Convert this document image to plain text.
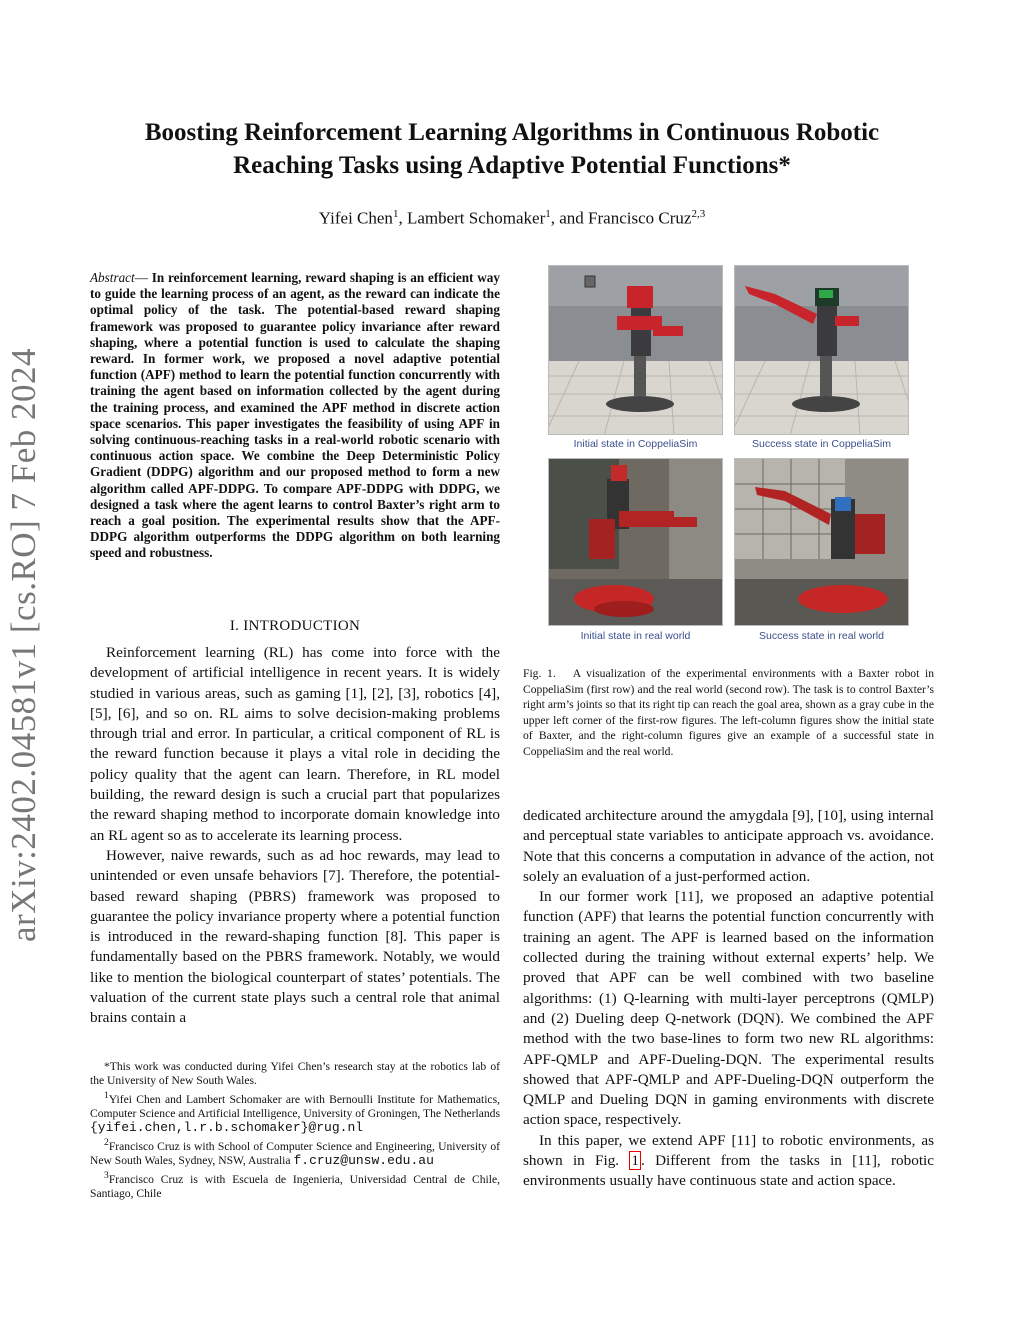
arXiv:2402.04581v1 [cs.RO] 7 Feb 2024
Boosting Reinforcement Learning Algorithms in Continuous Robotic
Reaching Tasks using Adaptive Potential Functions*
Yifei Chen$^1$, Lambert Schomaker$^1$, and Francisco Cruz$^{2,3}$
Abstract— In reinforcement learning, reward shaping is an efficient way to guide the learning process of an agent, as the reward can indicate the optimal policy of the task. The potential-based reward shaping framework was proposed to guarantee policy invariance after reward shaping, where a potential function is used to calculate the shaping reward. In former work, we proposed a novel adaptive potential function (APF) method to learn the potential function concurrently with training the agent based on information collected by the agent during the training process, and examined the APF method in discrete action space scenarios. This paper investigates the feasibility of using APF in solving continuous-reaching tasks in a real-world robotic scenario with continuous action space. We combine the Deep Deterministic Policy Gradient (DDPG) algorithm and our proposed method to form a new algorithm called APF-DDPG. To compare APF-DDPG with DDPG, we designed a task where the agent learns to control Baxter’s right arm to reach a goal position. The experimental results show that the APF-DDPG algorithm outperforms the DDPG algorithm on both learning speed and robustness.
I. INTRODUCTION

Reinforcement learning (RL) has come into force with the development of artificial intelligence in recent years. It is widely studied in various areas, such as gaming [1], [2], [3], robotics [4], [5], [6], and so on. RL aims to solve decision-making problems through trial and error. In particular, a critical component of RL is the reward function because it plays a vital role in deciding the policy quality that the agent can learn. Therefore, in RL model building, the reward design is such a crucial part that popularizes the reward shaping method to incorporate domain knowledge into an RL agent so as to accelerate its learning process.

However, naive rewards, such as ad hoc rewards, may lead to unintended or even unsafe behaviors [7]. Therefore, the potential-based reward shaping (PBRS) framework was proposed to guarantee the policy invariance property where a potential function is introduced in the reward-shaping function [8]. This paper is fundamentally based on the PBRS framework. Notably, we would like to mention the biological counterpart of states’ potentials. The valuation of the current state plays such a central role that animal brains contain a

*This work was conducted during Yifei Chen’s research stay at the robotics lab of the University of New South Wales.

$^1$Yifei Chen and Lambert Schomaker are with Bernoulli Institute for Mathematics, Computer Science and Artificial Intelligence, University of Groningen, The Netherlands {yifei.chen,l.r.b.schomaker}@rug.nl

$^2$Francisco Cruz is with School of Computer Science and Engineering, University of New South Wales, Sydney, NSW, Australia f.cruz@unsw.edu.au

$^3$Francisco Cruz is with Escuela de Ingenieria, Universidad Central de Chile, Santiago, Chile

Initial state in CoppeliaSim	Success state in CoppeliaSim
Initial state in real world	Success state in real world
Fig. 1. A visualization of the experimental environments with a Baxter robot in CoppeliaSim (first row) and the real world (second row). The task is to control Baxter’s right arm’s joints so that its right tip can reach the goal area, shown as a gray cube in the upper left corner of the first-row figures. The left-column figures show the initial state of Baxter, and the right-column figures give an example of a successful state in CoppeliaSim and the real world.

dedicated architecture around the amygdala [9], [10], using internal and perceptual state variables to anticipate approach vs. avoidance. Note that this concerns a computation in advance of the action, not solely an evaluation of a just-performed action.

In our former work [11], we proposed an adaptive potential function (APF) that learns the potential function concurrently with training an agent. The APF is learned based on the information collected during the training without external experts’ help. We proved that APF can be well combined with two baseline algorithms: (1) Q-learning with multi-layer perceptrons (QMLP) and (2) Dueling deep Q-network (DQN). We combined the APF method with the two base-lines to form two new RL algorithms: APF-QMLP and APF-Dueling-DQN. The experimental results showed that APF-QMLP and APF-Dueling-DQN outperform the QMLP and Dueling DQN in gaming environments with discrete action space, respectively.

In this paper, we extend APF [11] to robotic environments, as shown in Fig. 1 . Different from the tasks in [11], robotic environments usually have continuous state and action space.
